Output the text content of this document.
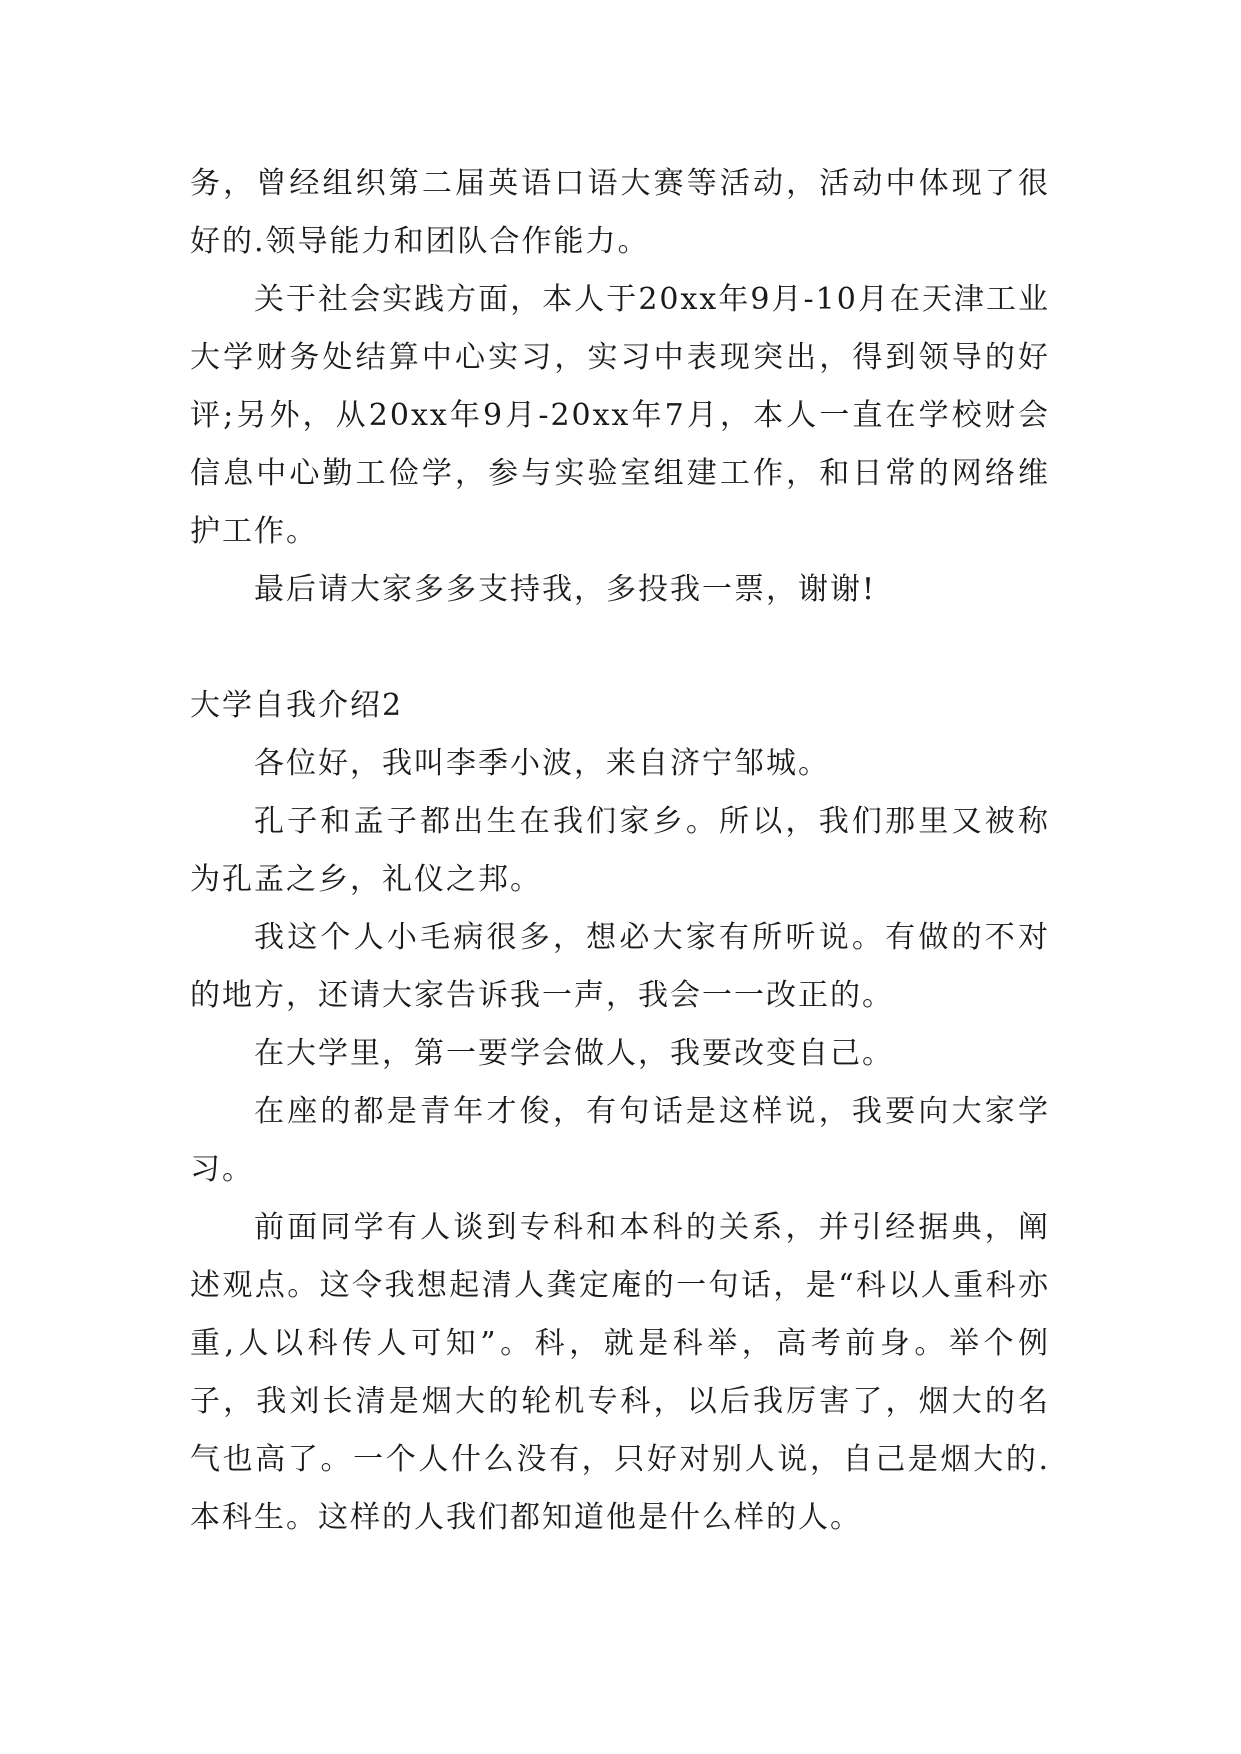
务，曾经组织第二届英语口语大赛等活动，活动中体现了很好的.领导能力和团队合作能力。

关于社会实践方面，本人于20xx年9月-10月在天津工业大学财务处结算中心实习，实习中表现突出，得到领导的好评;另外，从20xx年9月-20xx年7月，本人一直在学校财会信息中心勤工俭学，参与实验室组建工作，和日常的网络维护工作。

最后请大家多多支持我，多投我一票，谢谢!

大学自我介绍2

各位好，我叫李季小波，来自济宁邹城。

孔子和孟子都出生在我们家乡。所以，我们那里又被称为孔孟之乡，礼仪之邦。

我这个人小毛病很多，想必大家有所听说。有做的不对的地方，还请大家告诉我一声，我会一一改正的。

在大学里，第一要学会做人，我要改变自己。

在座的都是青年才俊，有句话是这样说，我要向大家学习。

前面同学有人谈到专科和本科的关系，并引经据典，阐述观点。这令我想起清人龚定庵的一句话，是“科以人重科亦重,人以科传人可知”。科，就是科举，高考前身。举个例子，我刘长清是烟大的轮机专科，以后我厉害了，烟大的名气也高了。一个人什么没有，只好对别人说，自己是烟大的.本科生。这样的人我们都知道他是什么样的人。
